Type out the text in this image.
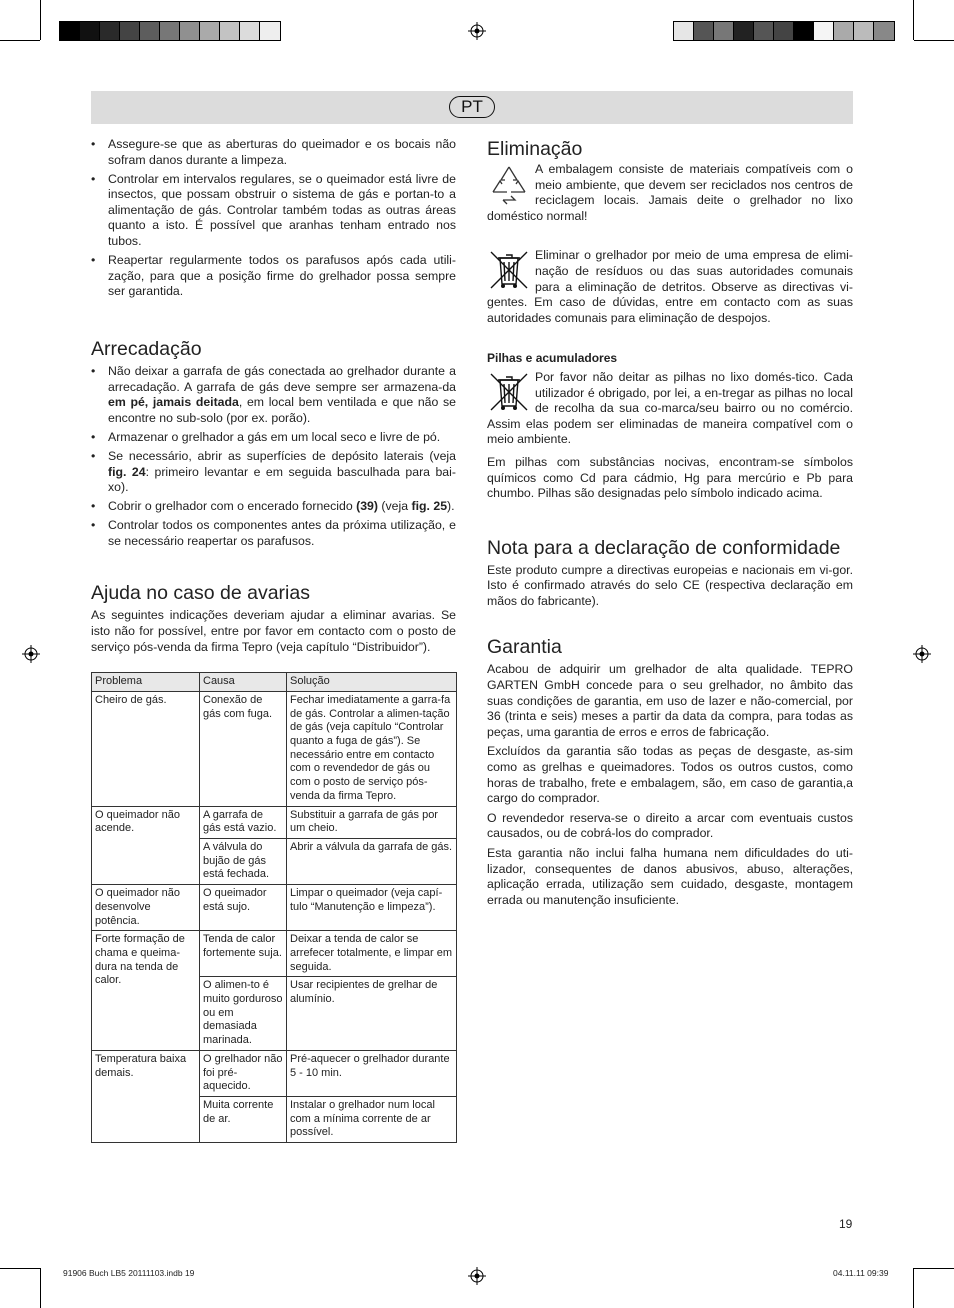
PT
• Assegure-se que as aberturas do queimador e os bocais não sofram danos durante a limpeza.
• Controlar em intervalos regulares, se o queimador está livre de insectos, que possam obstruir o sistema de gás e portan-to a alimentação de gás. Controlar também todas as outras áreas quanto a isto. É possível que aranhas tenham entrado nos tubos.
• Reapertar regularmente todos os parafusos após cada utili-zação, para que a posição firme do grelhador possa sempre ser garantida.
Arrecadação
• Não deixar a garrafa de gás conectada ao grelhador durante a arrecadação. A garrafa de gás deve sempre ser armazena-da em pé, jamais deitada, em local bem ventilada e que não se encontre no sub-solo (por ex. porão).
• Armazenar o grelhador a gás em um local seco e livre de pó.
• Se necessário, abrir as superfícies de depósito laterais (veja fig. 24: primeiro levantar e em seguida basculhada para bai-xo).
• Cobrir o grelhador com o encerado fornecido (39) (veja fig. 25).
• Controlar todos os componentes antes da próxima utilização, e se necessário reapertar os parafusos.
Ajuda no caso de avarias

As seguintes indicações deveriam ajudar a eliminar avarias. Se isto não for possível, entre por favor em contacto com o posto de serviço pós-venda da firma Tepro (veja capítulo “Distribuidor”).

Problema	Causa	Solução
Cheiro de gás.	Conexão de gás com fuga.	Fechar imediatamente a garra-fa de gás. Controlar a alimen-tação de gás (veja capítulo “Controlar quanto a fuga de gás”). Se necessário entre em contacto com o revendedor de gás ou com o posto de serviço pós-venda da firma Tepro.
O queimador não acende.	A garrafa de gás está vazio.	Substituir a garrafa de gás por um cheio.
	A válvula do bujão de gás está fechada.	Abrir a válvula da garrafa de gás.
O queimador não desenvolve potência.	O queimador está sujo.	Limpar o queimador (veja capí-tulo “Manutenção e limpeza”).
Forte formação de chama e queima-dura na tenda de calor.	Tenda de calor fortemente suja.	Deixar a tenda de calor se arrefecer totalmente, e limpar em seguida.
	O alimen-to é muito gorduroso ou em demasiada marinada.	Usar recipientes de grelhar de alumínio.
Temperatura baixa demais.	O grelhador não foi pré-aquecido.	Pré-aquecer o grelhador durante 5 - 10 min.
	Muita corrente de ar.	Instalar o grelhador num local com a mínima corrente de ar possível.
Eliminação

A embalagem consiste de materiais compatíveis com o meio ambiente, que devem ser reciclados nos centros de reciclagem locais. Jamais deite o grelhador no lixo doméstico normal!

Eliminar o grelhador por meio de uma empresa de elimi-nação de resíduos ou das suas autoridades comunais para a eliminação de detritos. Observe as directivas vi-gentes. Em caso de dúvidas, entre em contacto com as suas autoridades comunais para eliminação de despojos.

Pilhas e acumuladores

Por favor não deitar as pilhas no lixo domés-tico. Cada utilizador é obrigado, por lei, a en-tregar as pilhas no local de recolha da sua co-marca/seu bairro ou no comércio. Assim elas podem ser eliminadas de maneira compatível com o meio ambiente.

Em pilhas com substâncias nocivas, encontram-se símbolos químicos como Cd para cádmio, Hg para mercúrio e Pb para chumbo. Pilhas são designadas pelo símbolo indicado acima.

Nota para a declaração de conformidade

Este produto cumpre a directivas europeias e nacionais em vi-gor. Isto é confirmado através do selo CE (respectiva declaração em mãos do fabricante).

Garantia

Acabou de adquirir um grelhador de alta qualidade. TEPRO GARTEN GmbH concede para o seu grelhador, no âmbito das suas condições de garantia, em uso de lazer e não-comercial, por 36 (trinta e seis) meses a partir da data da compra, para todas as peças, uma garantia de erros e erros de fabricação.

Excluídos da garantia são todas as peças de desgaste, as-sim como as grelhas e queimadores. Todos os outros custos, como horas de trabalho, frete e embalagem, são, em caso de garantia,a cargo do comprador.

O revendedor reserva-se o direito a arcar com eventuais custos causados, ou de cobrá-los do comprador.

Esta garantia não inclui falha humana nem dificuldades do uti-lizador, consequentes de danos abusivos, abuso, alterações, aplicação errada, utilização sem cuidado, desgaste, montagem errada ou manutenção insuficiente.

19
91906 Buch LB5 20111103.indb 19	04.11.11 09:39
